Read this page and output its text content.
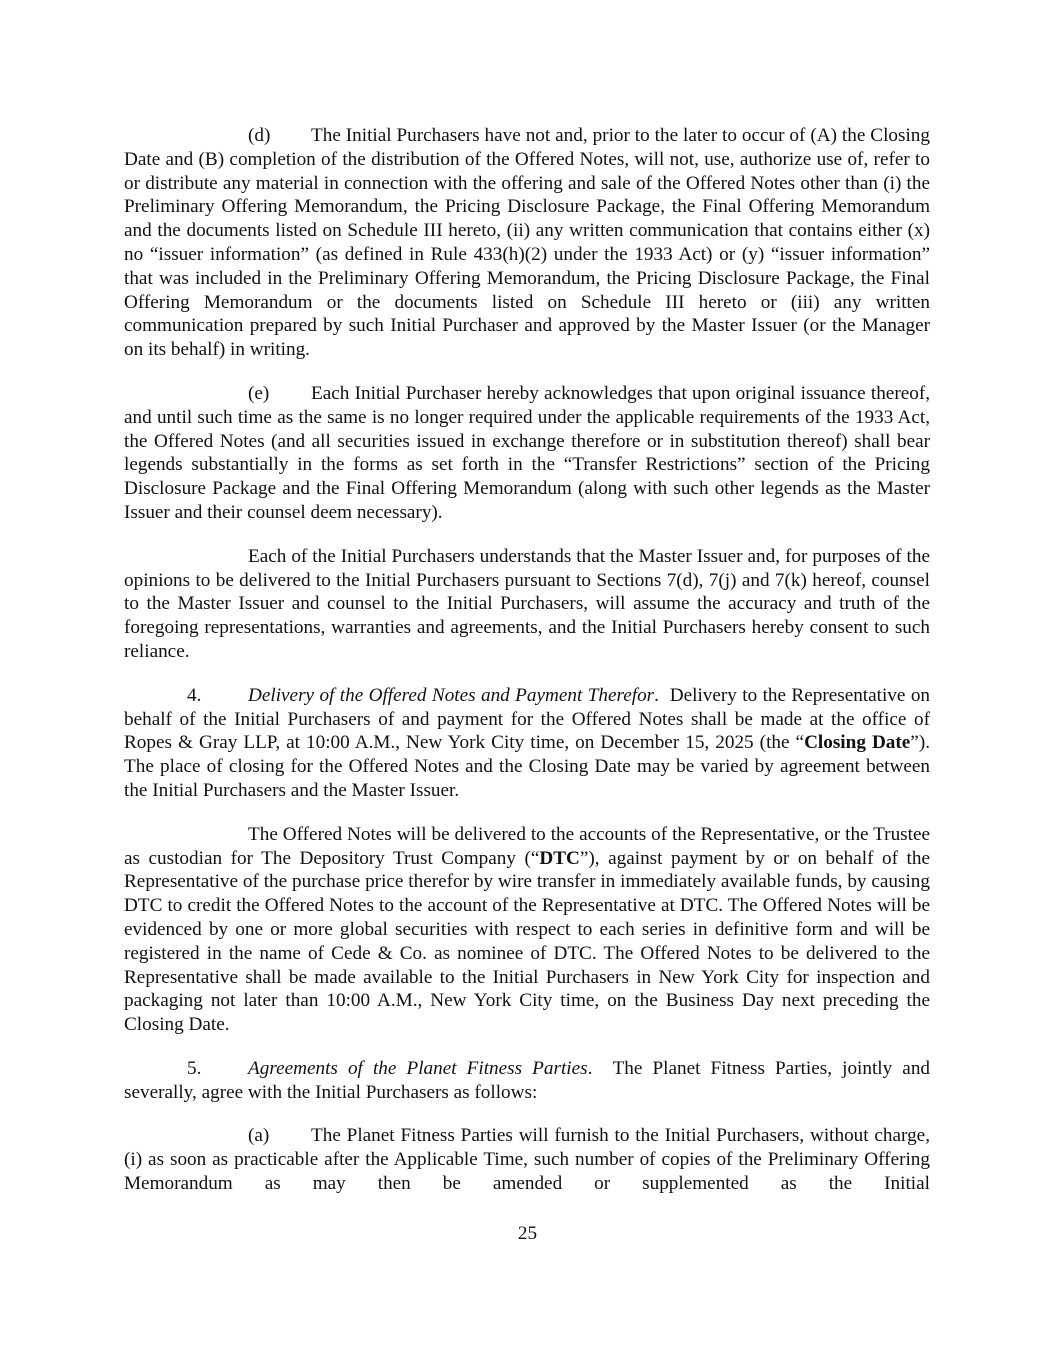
(d) The Initial Purchasers have not and, prior to the later to occur of (A) the Closing Date and (B) completion of the distribution of the Offered Notes, will not, use, authorize use of, refer to or distribute any material in connection with the offering and sale of the Offered Notes other than (i) the Preliminary Offering Memorandum, the Pricing Disclosure Package, the Final Offering Memorandum and the documents listed on Schedule III hereto, (ii) any written communication that contains either (x) no “issuer information” (as defined in Rule 433(h)(2) under the 1933 Act) or (y) “issuer information” that was included in the Preliminary Offering Memorandum, the Pricing Disclosure Package, the Final Offering Memorandum or the documents listed on Schedule III hereto or (iii) any written communication prepared by such Initial Purchaser and approved by the Master Issuer (or the Manager on its behalf) in writing.

(e) Each Initial Purchaser hereby acknowledges that upon original issuance thereof, and until such time as the same is no longer required under the applicable requirements of the 1933 Act, the Offered Notes (and all securities issued in exchange therefore or in substitution thereof) shall bear legends substantially in the forms as set forth in the “Transfer Restrictions” section of the Pricing Disclosure Package and the Final Offering Memorandum (along with such other legends as the Master Issuer and their counsel deem necessary).

Each of the Initial Purchasers understands that the Master Issuer and, for purposes of the opinions to be delivered to the Initial Purchasers pursuant to Sections 7(d), 7(j) and 7(k) hereof, counsel to the Master Issuer and counsel to the Initial Purchasers, will assume the accuracy and truth of the foregoing representations, warranties and agreements, and the Initial Purchasers hereby consent to such reliance.

4. Delivery of the Offered Notes and Payment Therefor. Delivery to the Representative on behalf of the Initial Purchasers of and payment for the Offered Notes shall be made at the office of Ropes & Gray LLP, at 10:00 A.M., New York City time, on December 15, 2025 (the “Closing Date”). The place of closing for the Offered Notes and the Closing Date may be varied by agreement between the Initial Purchasers and the Master Issuer.

The Offered Notes will be delivered to the accounts of the Representative, or the Trustee as custodian for The Depository Trust Company (“DTC”), against payment by or on behalf of the Representative of the purchase price therefor by wire transfer in immediately available funds, by causing DTC to credit the Offered Notes to the account of the Representative at DTC. The Offered Notes will be evidenced by one or more global securities with respect to each series in definitive form and will be registered in the name of Cede & Co. as nominee of DTC. The Offered Notes to be delivered to the Representative shall be made available to the Initial Purchasers in New York City for inspection and packaging not later than 10:00 A.M., New York City time, on the Business Day next preceding the Closing Date.

5. Agreements of the Planet Fitness Parties. The Planet Fitness Parties, jointly and severally, agree with the Initial Purchasers as follows:

(a) The Planet Fitness Parties will furnish to the Initial Purchasers, without charge, (i) as soon as practicable after the Applicable Time, such number of copies of the Preliminary Offering Memorandum as may then be amended or supplemented as the Initial

25
